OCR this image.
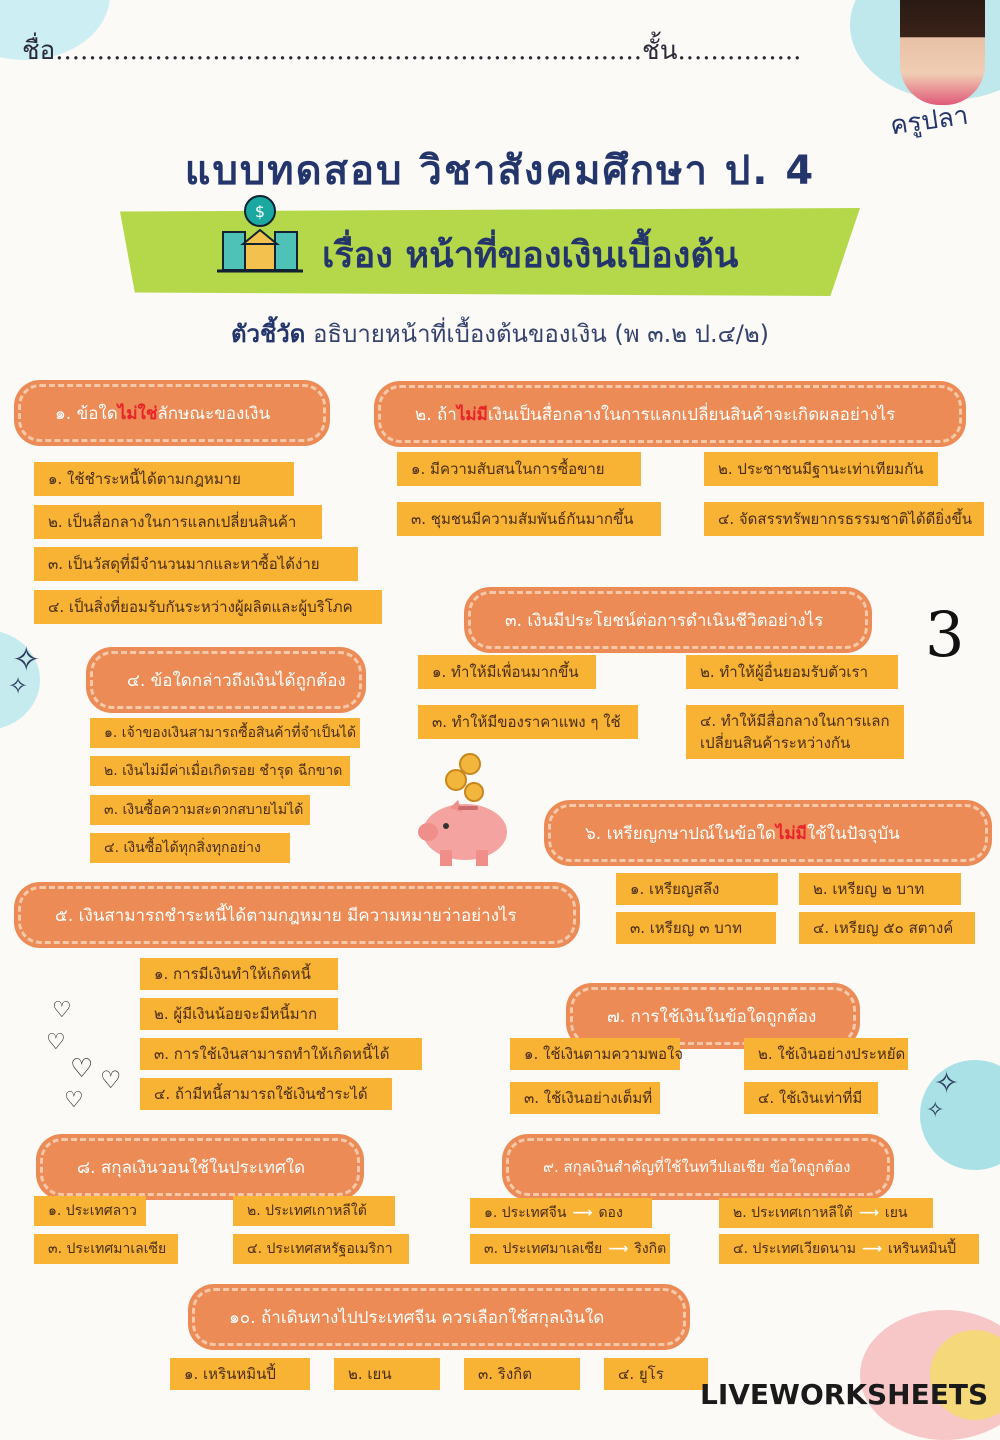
ชื่อ.......................................................................ชั้น...............
ครูปลา
แบบทดสอบ วิชาสังคมศึกษา ป. 4
$
เรื่อง หน้าที่ของเงินเบื้องต้น
ตัวชี้วัด อธิบายหน้าที่เบื้องต้นของเงิน (พ ๓.๒ ป.๔/๒)
๑. ข้อใด ไม่ใช่ ลักษณะของเงิน
๑. ใช้ชำระหนี้ได้ตามกฎหมาย
๒. เป็นสื่อกลางในการแลกเปลี่ยนสินค้า
๓. เป็นวัสดุที่มีจำนวนมากและหาซื้อได้ง่าย
๔. เป็นสิ่งที่ยอมรับกันระหว่างผู้ผลิตและผู้บริโภค
๒. ถ้า ไม่มี เงินเป็นสื่อกลางในการแลกเปลี่ยนสินค้าจะเกิดผลอย่างไร
๑. มีความสับสนในการซื้อขาย	๒. ประชาชนมีฐานะเท่าเทียมกัน
๓. ชุมชนมีความสัมพันธ์กันมากขึ้น	๔. จัดสรรทรัพยากรธรรมชาติได้ดียิ่งขึ้น
๓. เงินมีประโยชน์ต่อการดำเนินชีวิตอย่างไร
๑. ทำให้มีเพื่อนมากขึ้น	๒. ทำให้ผู้อื่นยอมรับตัวเรา
๓. ทำให้มีของราคาแพง ๆ ใช้	๔. ทำให้มีสื่อกลางในการแลกเปลี่ยนสินค้าระหว่างกัน
3
๔. ข้อใดกล่าวถึงเงินได้ถูกต้อง
๑. เจ้าของเงินสามารถซื้อสินค้าที่จำเป็นได้
๒. เงินไม่มีค่าเมื่อเกิดรอย ชำรุด ฉีกขาด
๓. เงินซื้อความสะดวกสบายไม่ได้
๔. เงินซื้อได้ทุกสิ่งทุกอย่าง
✧
✧
๖. เหรียญกษาปณ์ในข้อใด ไม่มี ใช้ในปัจจุบัน
๑. เหรียญสลึง	๒. เหรียญ ๒ บาท
๓. เหรียญ ๓ บาท	๔. เหรียญ ๕๐ สตางค์
๕. เงินสามารถชำระหนี้ได้ตามกฎหมาย มีความหมายว่าอย่างไร
๑. การมีเงินทำให้เกิดหนี้
๒. ผู้มีเงินน้อยจะมีหนี้มาก
๓. การใช้เงินสามารถทำให้เกิดหนี้ได้
๔. ถ้ามีหนี้สามารถใช้เงินชำระได้
♡
♡
♡ ♡
♡
๗. การใช้เงินในข้อใดถูกต้อง
๑. ใช้เงินตามความพอใจ	๒. ใช้เงินอย่างประหยัด
๓. ใช้เงินอย่างเต็มที่	๔. ใช้เงินเท่าที่มี	✧
✧
๘. สกุลเงินวอนใช้ในประเทศใด
๑. ประเทศลาว	๒. ประเทศเกาหลีใต้
๓. ประเทศมาเลเซีย	๔. ประเทศสหรัฐอเมริกา
๙. สกุลเงินสำคัญที่ใช้ในทวีปเอเชีย ข้อใดถูกต้อง
๑. ประเทศจีน ⟶ ดอง	๒. ประเทศเกาหลีใต้ ⟶ เยน
๓. ประเทศมาเลเซีย ⟶ ริงกิต	๔. ประเทศเวียดนาม ⟶ เหรินหมินปี้
๑๐. ถ้าเดินทางไปประเทศจีน ควรเลือกใช้สกุลเงินใด
๑. เหรินหมินปี้	๒. เยน	๓. ริงกิต	๔. ยูโร
LIVEWORKSHEETS
